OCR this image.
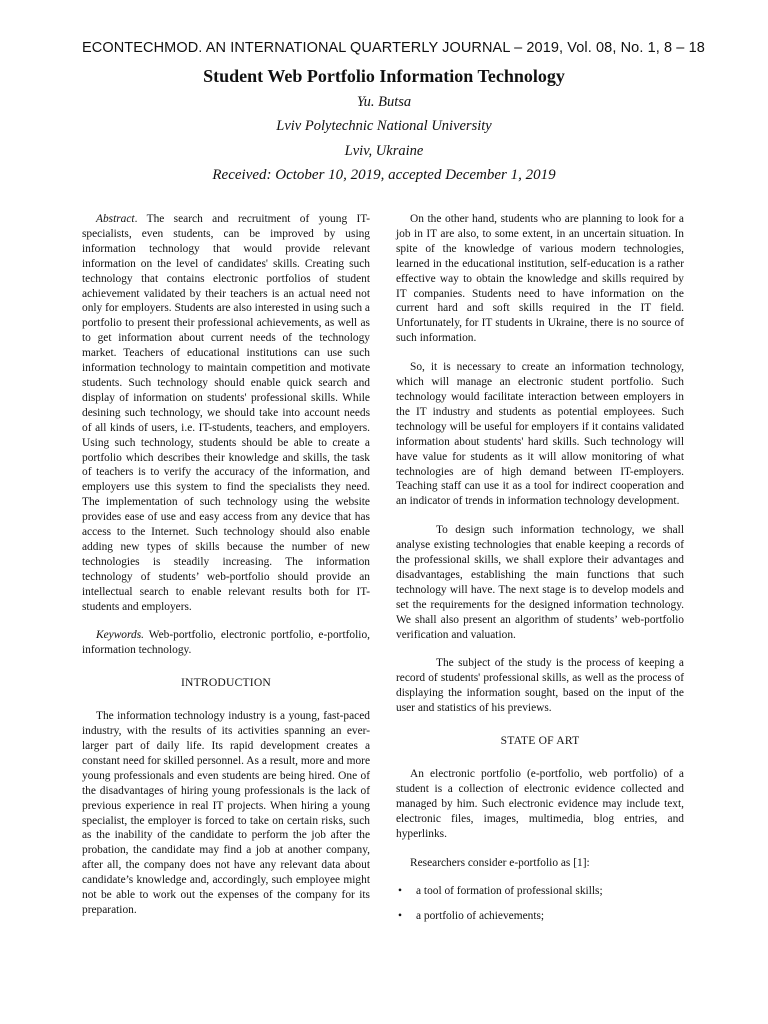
ECONTECHMOD. AN INTERNATIONAL QUARTERLY JOURNAL – 2019, Vol. 08, No. 1, 8 – 18
Student Web Portfolio Information Technology
Yu. Butsa
Lviv Polytechnic National University
Lviv, Ukraine
Received: October 10, 2019, accepted December 1, 2019

Abstract. The search and recruitment of young IT-specialists, even students, can be improved by using information technology that would provide relevant information on the level of candidates' skills. Creating such technology that contains electronic portfolios of student achievement validated by their teachers is an actual need not only for employers. Students are also interested in using such a portfolio to present their professional achievements, as well as to get information about current needs of the technology market. Teachers of educational institutions can use such information technology to maintain competition and motivate students. Such technology should enable quick search and display of information on students' professional skills. While desining such technology, we should take into account needs of all kinds of users, i.e. IT-students, teachers, and employers. Using such technology, students should be able to create a portfolio which describes their knowledge and skills, the task of teachers is to verify the accuracy of the information, and employers use this system to find the specialists they need. The implementation of such technology using the website provides ease of use and easy access from any device that has access to the Internet. Such technology should also enable adding new types of skills because the number of new technologies is steadily increasing. The information technology of students’ web-portfolio should provide an intellectual search to enable relevant results both for IT-students and employers.

Keywords. Web-portfolio, electronic portfolio, e-portfolio, information technology.

INTRODUCTION

The information technology industry is a young, fast-paced industry, with the results of its activities spanning an ever-larger part of daily life. Its rapid development creates a constant need for skilled personnel. As a result, more and more young professionals and even students are being hired. One of the disadvantages of hiring young professionals is the lack of previous experience in real IT projects. When hiring a young specialist, the employer is forced to take on certain risks, such as the inability of the candidate to perform the job after the probation, the candidate may find a job at another company, after all, the company does not have any relevant data about candidate’s knowledge and, accordingly, such employee might not be able to work out the expenses of the company for its preparation.

On the other hand, students who are planning to look for a job in IT are also, to some extent, in an uncertain situation. In spite of the knowledge of various modern technologies, learned in the educational institution, self-education is a rather effective way to obtain the knowledge and skills required by IT companies. Students need to have information on the current hard and soft skills required in the IT field. Unfortunately, for IT students in Ukraine, there is no source of such information.

So, it is necessary to create an information technology, which will manage an electronic student portfolio. Such technology would facilitate interaction between employers in the IT industry and students as potential employees. Such technology will be useful for employers if it contains validated information about students' hard skills. Such technology will have value for students as it will allow monitoring of what technologies are of high demand between IT-employers. Teaching staff can use it as a tool for indirect cooperation and an indicator of trends in information technology development.

To design such information technology, we shall analyse existing technologies that enable keeping a records of the professional skills, we shall explore their advantages and disadvantages, establishing the main functions that such technology will have. The next stage is to develop models and set the requirements for the designed information technology. We shall also present an algorithm of students’ web-portfolio verification and valuation.

The subject of the study is the process of keeping a record of students' professional skills, as well as the process of displaying the information sought, based on the input of the user and statistics of his previews.

STATE OF ART

An electronic portfolio (e-portfolio, web portfolio) of a student is a collection of electronic evidence collected and managed by him. Such electronic evidence may include text, electronic files, images, multimedia, blog entries, and hyperlinks.

Researchers consider e-portfolio as [1]:

• a tool of formation of professional skills;
• a portfolio of achievements;
